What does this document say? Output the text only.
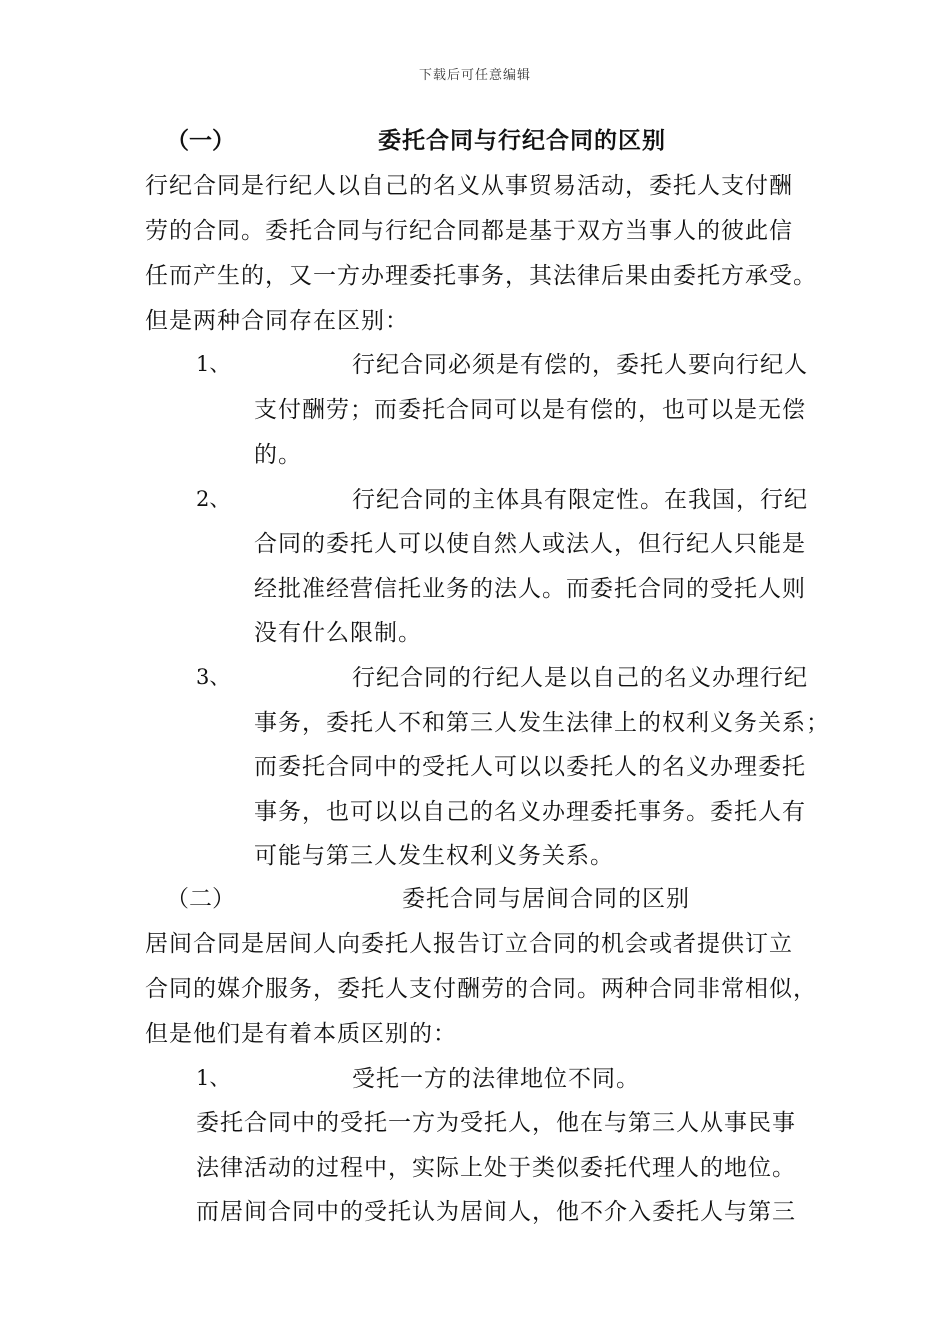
下载后可任意编辑
（一）	委托合同与行纪合同的区别
行纪合同是行纪人以自己的名义从事贸易活动，委托人支付酬
劳的合同。委托合同与行纪合同都是基于双方当事人的彼此信
任而产生的，又一方办理委托事务，其法律后果由委托方承受。
但是两种合同存在区别：
1、	行纪合同必须是有偿的，委托人要向行纪人
支付酬劳；而委托合同可以是有偿的，也可以是无偿
的。
2、	行纪合同的主体具有限定性。在我国，行纪
合同的委托人可以使自然人或法人，但行纪人只能是
经批准经营信托业务的法人。而委托合同的受托人则
没有什么限制。
3、	行纪合同的行纪人是以自己的名义办理行纪
事务，委托人不和第三人发生法律上的权利义务关系；
而委托合同中的受托人可以以委托人的名义办理委托
事务，也可以以自己的名义办理委托事务。委托人有
可能与第三人发生权利义务关系。
（二）	委托合同与居间合同的区别
居间合同是居间人向委托人报告订立合同的机会或者提供订立
合同的媒介服务，委托人支付酬劳的合同。两种合同非常相似，
但是他们是有着本质区别的：
1、	受托一方的法律地位不同。
委托合同中的受托一方为受托人，他在与第三人从事民事
法律活动的过程中，实际上处于类似委托代理人的地位。
而居间合同中的受托认为居间人，他不介入委托人与第三
